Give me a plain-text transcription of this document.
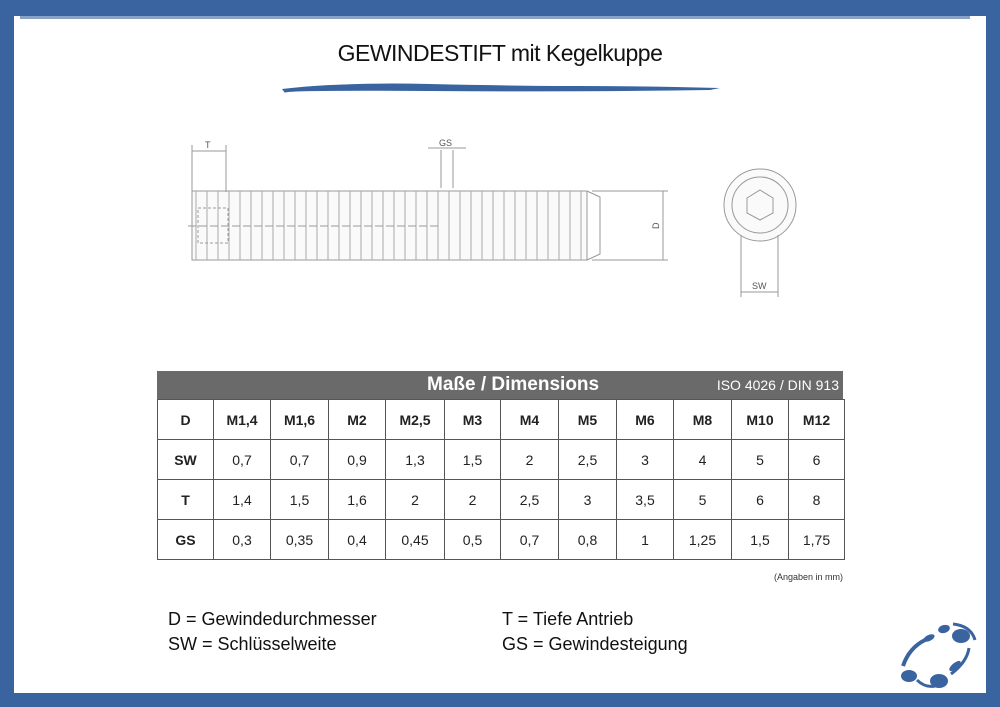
GEWINDESTIFT mit Kegelkuppe
T	GS
D
SW
Maße / Dimensions	ISO 4026 / DIN 913
D	M1,4	M1,6	M2	M2,5	M3	M4	M5	M6	M8	M10	M12
SW	0,7	0,7	0,9	1,3	1,5	2	2,5	3	4	5	6
T	1,4	1,5	1,6	2	2	2,5	3	3,5	5	6	8
GS	0,3	0,35	0,4	0,45	0,5	0,7	0,8	1	1,25	1,5	1,75
(Angaben in mm)
D = Gewindedurchmesser
SW = Schlüsselweite
T = Tiefe Antrieb
GS = Gewindesteigung
